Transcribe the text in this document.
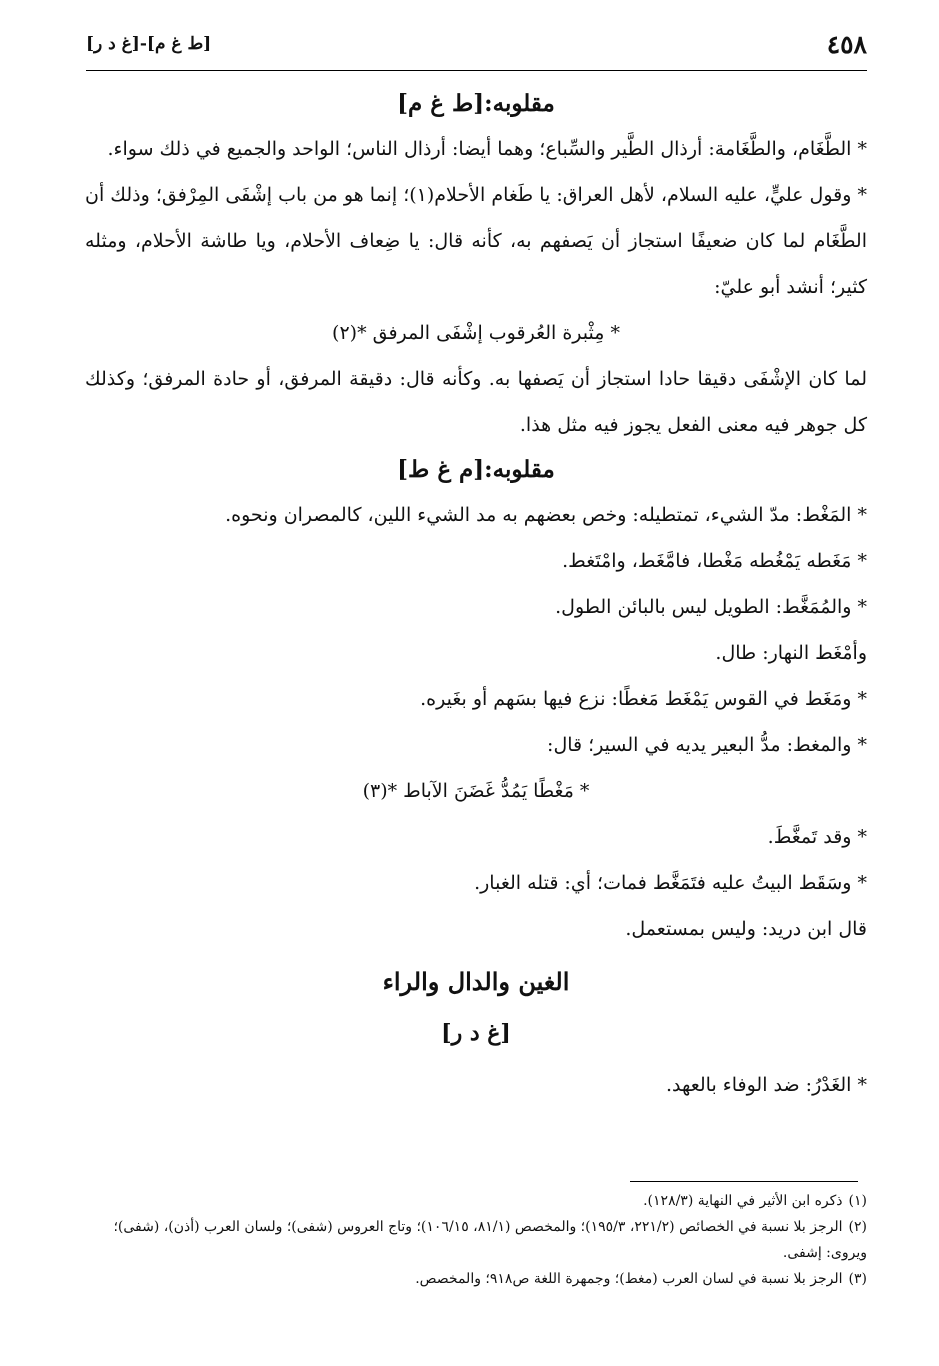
٤٥٨
[ط غ م]-[غ د ر]
مقلوبه:[ط غ م]

* الطَّغَام، والطَّغَامة: أرذال الطَّير والسِّباع؛ وهما أيضا: أرذال الناس؛ الواحد والجميع في ذلك سواء.

* وقول عليٍّ، عليه السلام، لأهل العراق: يا طَغام الأحلام(١)؛ إنما هو من باب إشْفَى المِرْفق؛ وذلك أن الطَّغَام لما كان ضعيفًا استجاز أن يَصفهم به، كأنه قال: يا ضِعاف الأحلام، ويا طاشة الأحلام، ومثله كثير؛ أنشد أبو عليّ:

* مِثْبرة العُرقوب إشْفَى المرفق *(٢)

لما كان الإشْفَى دقيقا حادا استجاز أن يَصفها به. وكأنه قال: دقيقة المرفق، أو حادة المرفق؛ وكذلك كل جوهر فيه معنى الفعل يجوز فيه مثل هذا.

مقلوبه:[م غ ط]

* المَغْط: مدّ الشيء، تمتطيله: وخص بعضهم به مد الشيء اللين، كالمصران ونحوه.

* مَغَطه يَمْغُطه مَغْطا، فامَّغَط، وامْتَغط.

* والمُمَغَّط: الطويل ليس بالبائن الطول.

وأمْغَط النهار: طال.

* ومَغَط في القوس يَمْغَط مَغطًا: نزع فيها بسَهم أو بغَيره.

* والمغط: مدُّ البعير يديه في السير؛ قال:

* مَغْطًا يَمُدُّ غَضَنَ الآباط *(٣)

* وقد تَمغَّطَ.

* وسَقَط البيتُ عليه فتَمَغَّط فمات؛ أي: قتله الغبار.

قال ابن دريد: وليس بمستعمل.

الغين والدال والراء
[غ د ر]

* الغَدْرُ: ضد الوفاء بالعهد.

(١)ذكره ابن الأثير في النهاية (١٢٨/٣).

(٢)الرجز بلا نسبة في الخصائص (٢٢١/٢، ١٩٥/٣)؛ والمخصص (٨١/١، ١٠٦/١٥)؛ وتاج العروس (شفى)؛ ولسان العرب (أذن)، (شفى)؛ ويروى: إشفى.

(٣)الرجز بلا نسبة في لسان العرب (مغط)؛ وجمهرة اللغة ص٩١٨؛ والمخصص.
